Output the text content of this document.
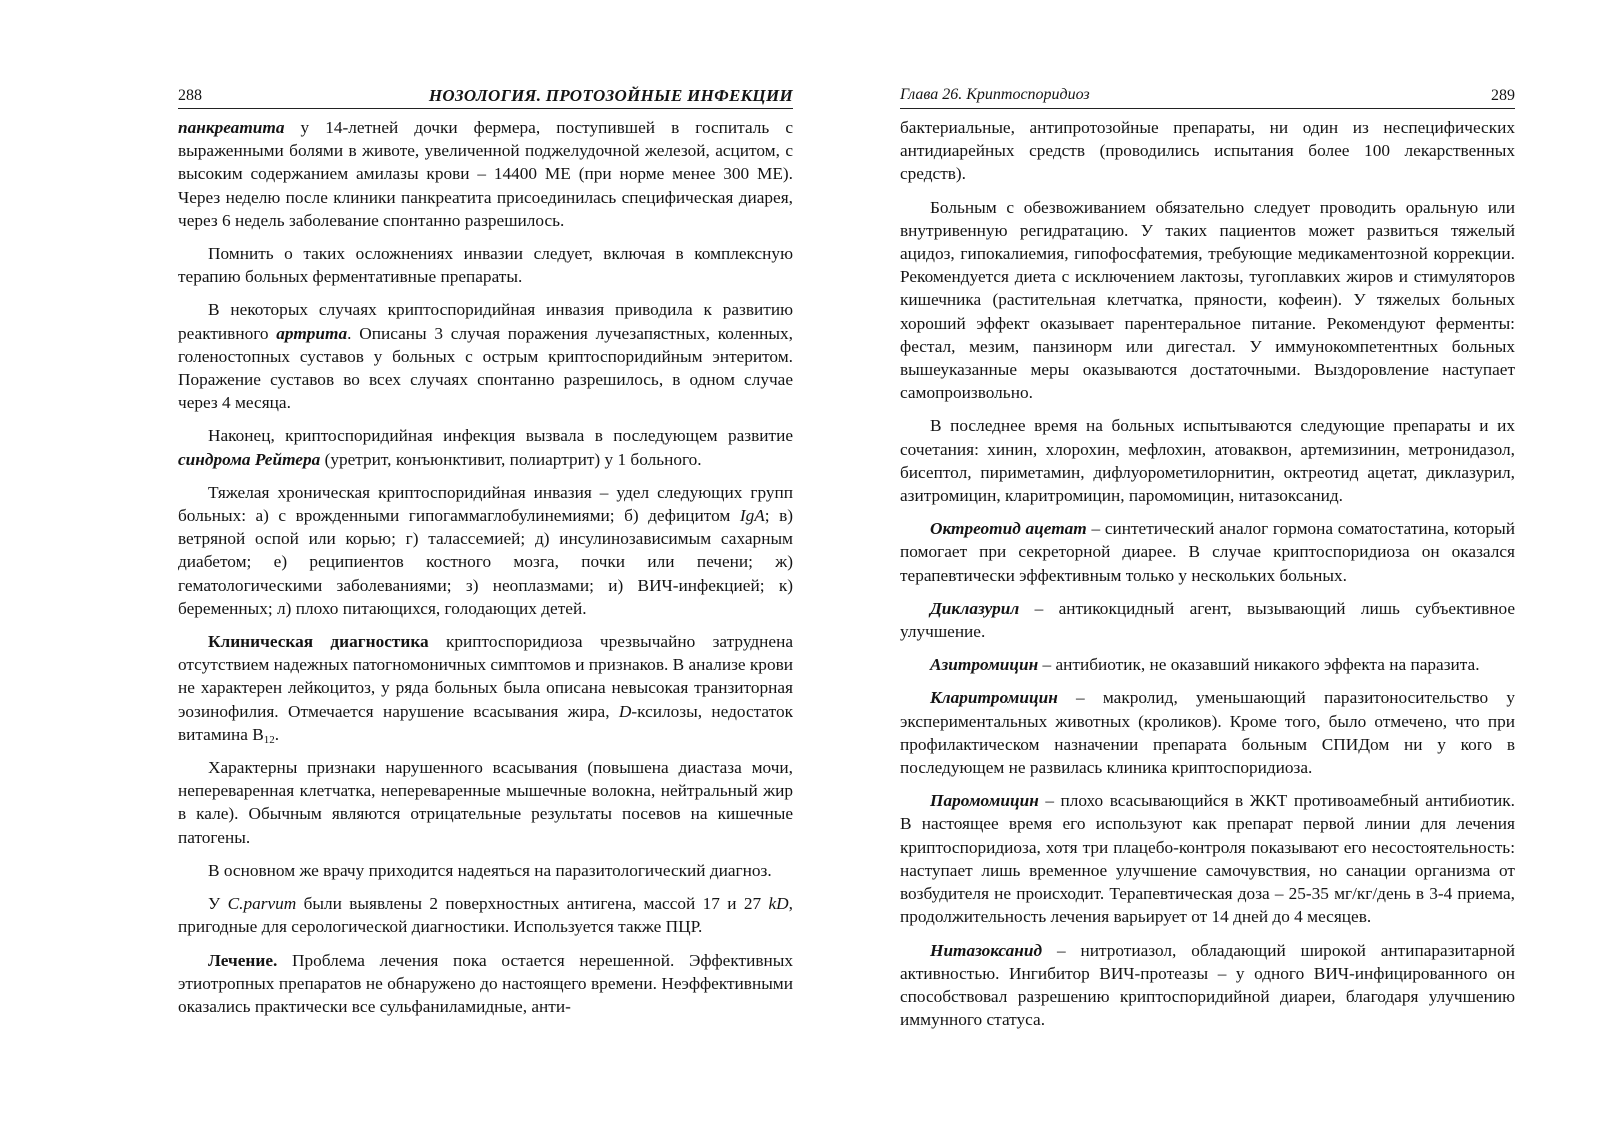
288	НОЗОЛОГИЯ. ПРОТОЗОЙНЫЕ ИНФЕКЦИИ

панкреатита у 14-летней дочки фермера, поступившей в госпиталь с выраженными болями в животе, увеличенной поджелудочной железой, асцитом, с высоким содержанием амилазы крови – 14400 МЕ (при норме менее 300 МЕ). Через неделю после клиники панкреатита присоединилась специфическая диарея, через 6 недель заболевание спонтанно разрешилось.

Помнить о таких осложнениях инвазии следует, включая в комплексную терапию больных ферментативные препараты.

В некоторых случаях криптоспоридийная инвазия приводила к развитию реактивного артрита. Описаны 3 случая поражения лучезапястных, коленных, голеностопных суставов у больных с острым криптоспоридийным энтеритом. Поражение суставов во всех случаях спонтанно разрешилось, в одном случае через 4 месяца.

Наконец, криптоспоридийная инфекция вызвала в последующем развитие синдрома Рейтера (уретрит, конъюнктивит, полиартрит) у 1 больного.

Тяжелая хроническая криптоспоридийная инвазия – удел следующих групп больных: а) с врожденными гипогаммаглобулинемиями; б) дефицитом IgA; в) ветряной оспой или корью; г) талассемией; д) инсулинозависимым сахарным диабетом; е) реципиентов костного мозга, почки или печени; ж) гематологическими заболеваниями; з) неоплазмами; и) ВИЧ-инфекцией; к) беременных; л) плохо питающихся, голодающих детей.

Клиническая диагностика криптоспоридиоза чрезвычайно затруднена отсутствием надежных патогномоничных симптомов и признаков. В анализе крови не характерен лейкоцитоз, у ряда больных была описана невысокая транзиторная эозинофилия. Отмечается нарушение всасывания жира, D-ксилозы, недостаток витамина $B_{12}$.

Характерны признаки нарушенного всасывания (повышена диастаза мочи, непереваренная клетчатка, непереваренные мышечные волокна, нейтральный жир в кале). Обычным являются отрицательные результаты посевов на кишечные патогены.

В основном же врачу приходится надеяться на паразитологический диагноз.

У C.parvum были выявлены 2 поверхностных антигена, массой 17 и 27 kD, пригодные для серологической диагностики. Используется также ПЦР.

Лечение. Проблема лечения пока остается нерешенной. Эффективных этиотропных препаратов не обнаружено до настоящего времени. Неэффективными оказались практически все сульфаниламидные, анти-

Глава 26. Криптоспоридиоз	289

бактериальные, антипротозойные препараты, ни один из неспецифических антидиарейных средств (проводились испытания более 100 лекарственных средств).

Больным с обезвоживанием обязательно следует проводить оральную или внутривенную регидратацию. У таких пациентов может развиться тяжелый ацидоз, гипокалиемия, гипофосфатемия, требующие медикаментозной коррекции. Рекомендуется диета с исключением лактозы, тугоплавких жиров и стимуляторов кишечника (растительная клетчатка, пряности, кофеин). У тяжелых больных хороший эффект оказывает парентеральное питание. Рекомендуют ферменты: фестал, мезим, панзинорм или дигестал. У иммунокомпетентных больных вышеуказанные меры оказываются достаточными. Выздоровление наступает самопроизвольно.

В последнее время на больных испытываются следующие препараты и их сочетания: хинин, хлорохин, мефлохин, атоваквон, артемизинин, метронидазол, бисептол, пириметамин, дифлуорометилорнитин, октреотид ацетат, диклазурил, азитромицин, кларитромицин, паромомицин, нитазоксанид.

Октреотид ацетат – синтетический аналог гормона соматостатина, который помогает при секреторной диарее. В случае криптоспоридиоза он оказался терапевтически эффективным только у нескольких больных.

Диклазурил – антикокцидный агент, вызывающий лишь субъективное улучшение.

Азитромицин – антибиотик, не оказавший никакого эффекта на паразита.

Кларитромицин – макролид, уменьшающий паразитоносительство у экспериментальных животных (кроликов). Кроме того, было отмечено, что при профилактическом назначении препарата больным СПИДом ни у кого в последующем не развилась клиника криптоспоридиоза.

Паромомицин – плохо всасывающийся в ЖКТ противоамебный антибиотик. В настоящее время его используют как препарат первой линии для лечения криптоспоридиоза, хотя три плацебо-контроля показывают его несостоятельность: наступает лишь временное улучшение самочувствия, но санации организма от возбудителя не происходит. Терапевтическая доза – 25-35 мг/кг/день в 3-4 приема, продолжительность лечения варьирует от 14 дней до 4 месяцев.

Нитазоксанид – нитротиазол, обладающий широкой антипаразитарной активностью. Ингибитор ВИЧ-протеазы – у одного ВИЧ-инфицированного он способствовал разрешению криптоспоридийной диареи, благодаря улучшению иммунного статуса.
